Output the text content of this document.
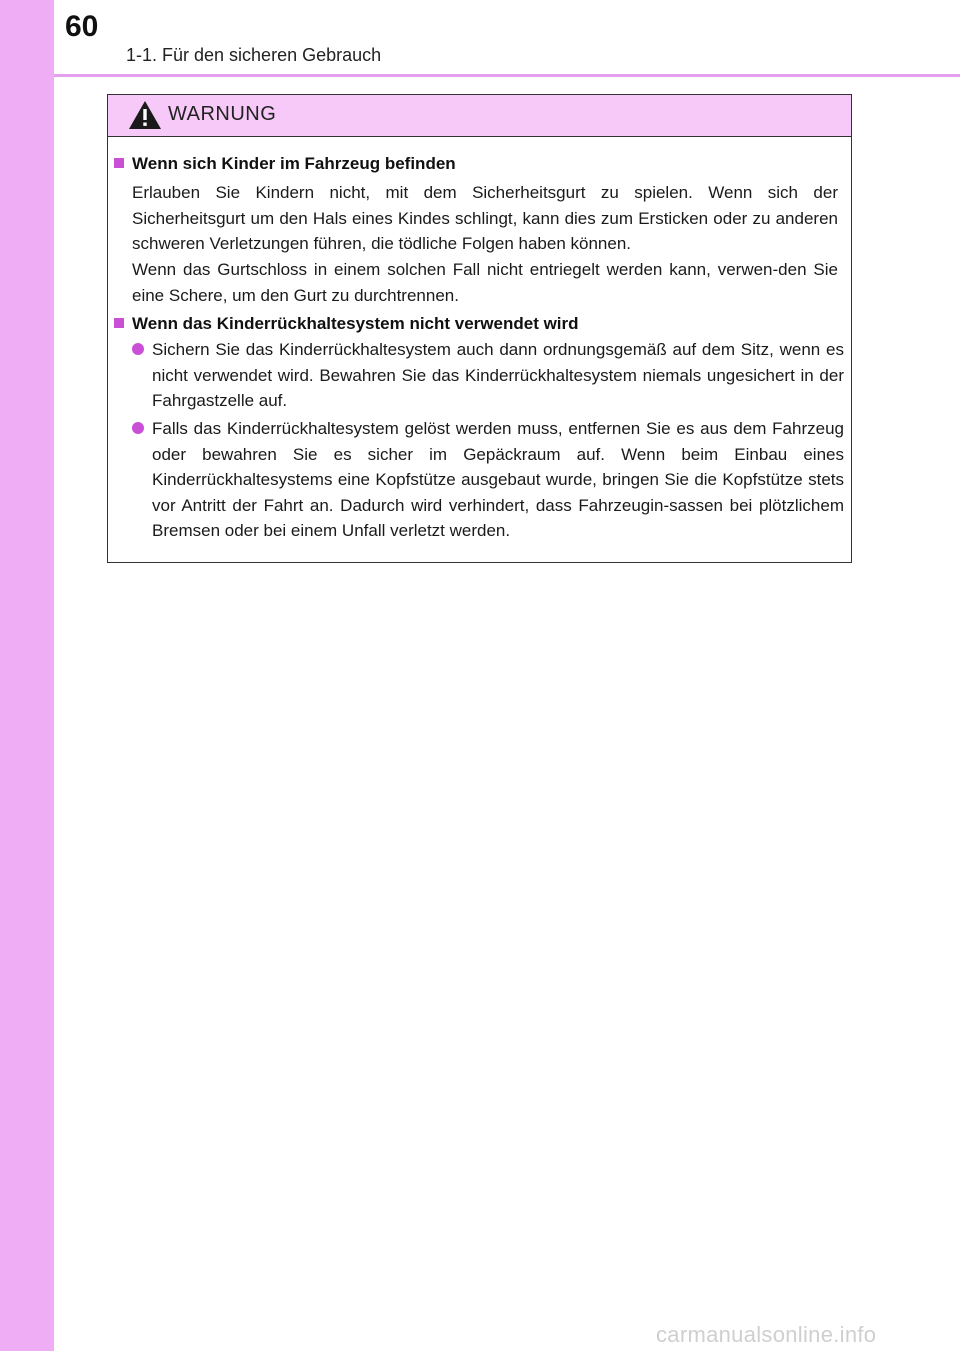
60
1-1. Für den sicheren Gebrauch
WARNUNG
Wenn sich Kinder im Fahrzeug befinden
Erlauben Sie Kindern nicht, mit dem Sicherheitsgurt zu spielen. Wenn sich der Sicherheitsgurt um den Hals eines Kindes schlingt, kann dies zum Ersticken oder zu anderen schweren Verletzungen führen, die tödliche Folgen haben können.
Wenn das Gurtschloss in einem solchen Fall nicht entriegelt werden kann, verwen-den Sie eine Schere, um den Gurt zu durchtrennen.
Wenn das Kinderrückhaltesystem nicht verwendet wird
Sichern Sie das Kinderrückhaltesystem auch dann ordnungsgemäß auf dem Sitz, wenn es nicht verwendet wird. Bewahren Sie das Kinderrückhaltesystem niemals ungesichert in der Fahrgastzelle auf.
Falls das Kinderrückhaltesystem gelöst werden muss, entfernen Sie es aus dem Fahrzeug oder bewahren Sie es sicher im Gepäckraum auf. Wenn beim Einbau eines Kinderrückhaltesystems eine Kopfstütze ausgebaut wurde, bringen Sie die Kopfstütze stets vor Antritt der Fahrt an. Dadurch wird verhindert, dass Fahrzeugin-sassen bei plötzlichem Bremsen oder bei einem Unfall verletzt werden.
carmanualsonline.info
